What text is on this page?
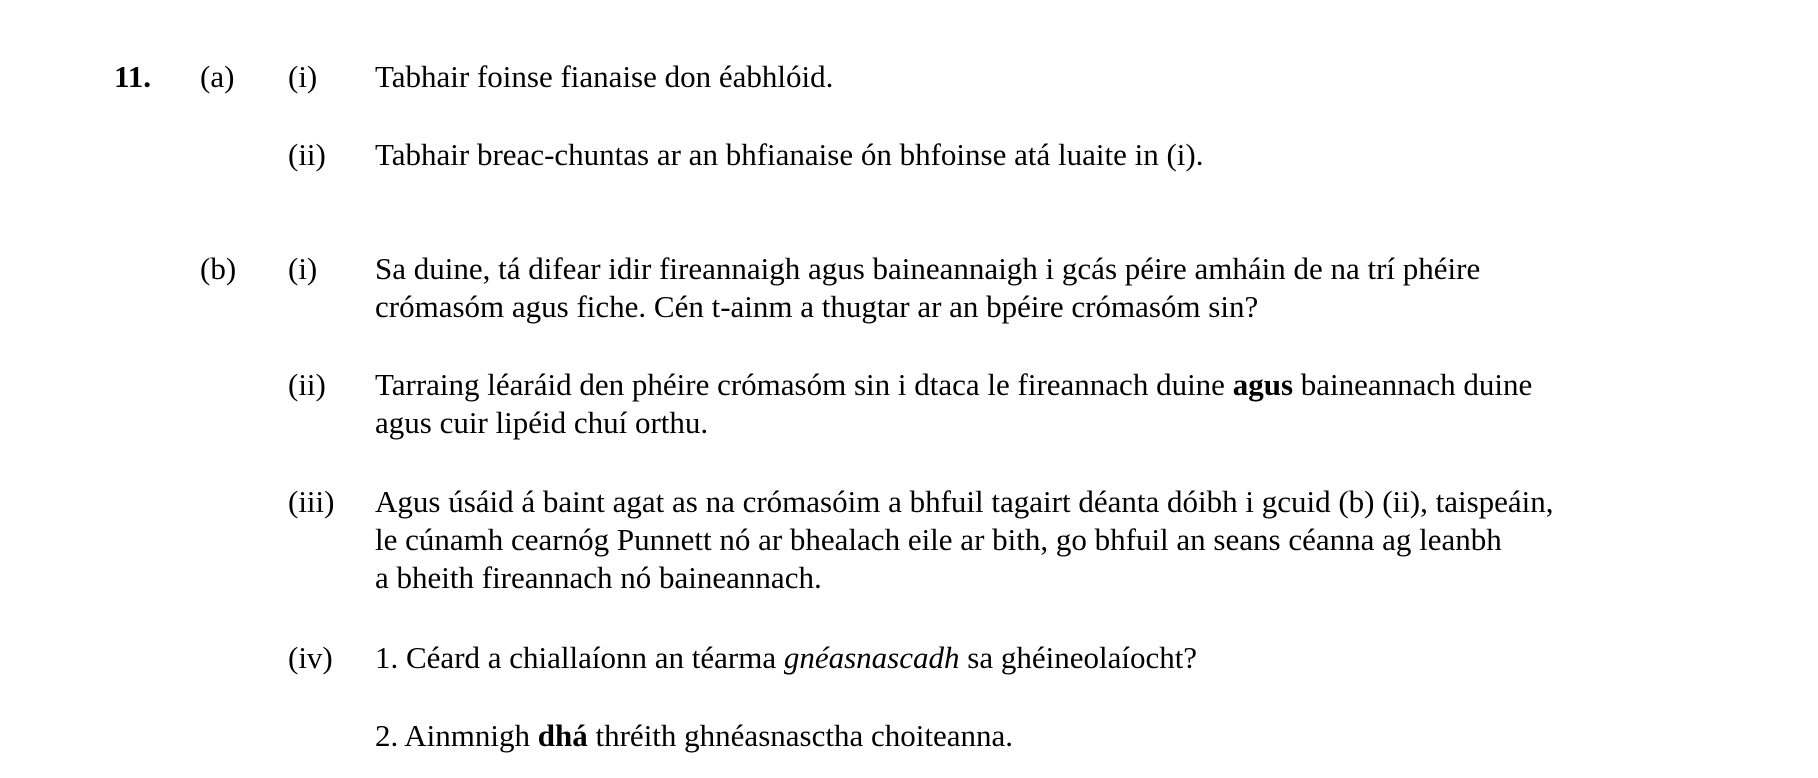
11. (a) (i) Tabhair foinse fianaise don éabhlóid.
(ii) Tabhair breac-chuntas ar an bhfianaise ón bhfoinse atá luaite in (i).
(b) (i) Sa duine, tá difear idir fireannaigh agus baineannaigh i gcás péire amháin de na trí phéire
crómasóm agus fiche. Cén t-ainm a thugtar ar an bpéire crómasóm sin?
(ii) Tarraing léaráid den phéire crómasóm sin i dtaca le fireannach duine agus baineannach duine
agus cuir lipéid chuí orthu.
(iii) Agus úsáid á baint agat as na crómasóim a bhfuil tagairt déanta dóibh i gcuid (b) (ii), taispeáin,
le cúnamh cearnóg Punnett nó ar bhealach eile ar bith, go bhfuil an seans céanna ag leanbh
a bheith fireannach nó baineannach.
(iv) 1. Céard a chiallaíonn an téarma gnéasnascadh sa ghéineolaíocht?
2. Ainmnigh dhá thréith ghnéasnasctha choiteanna.
